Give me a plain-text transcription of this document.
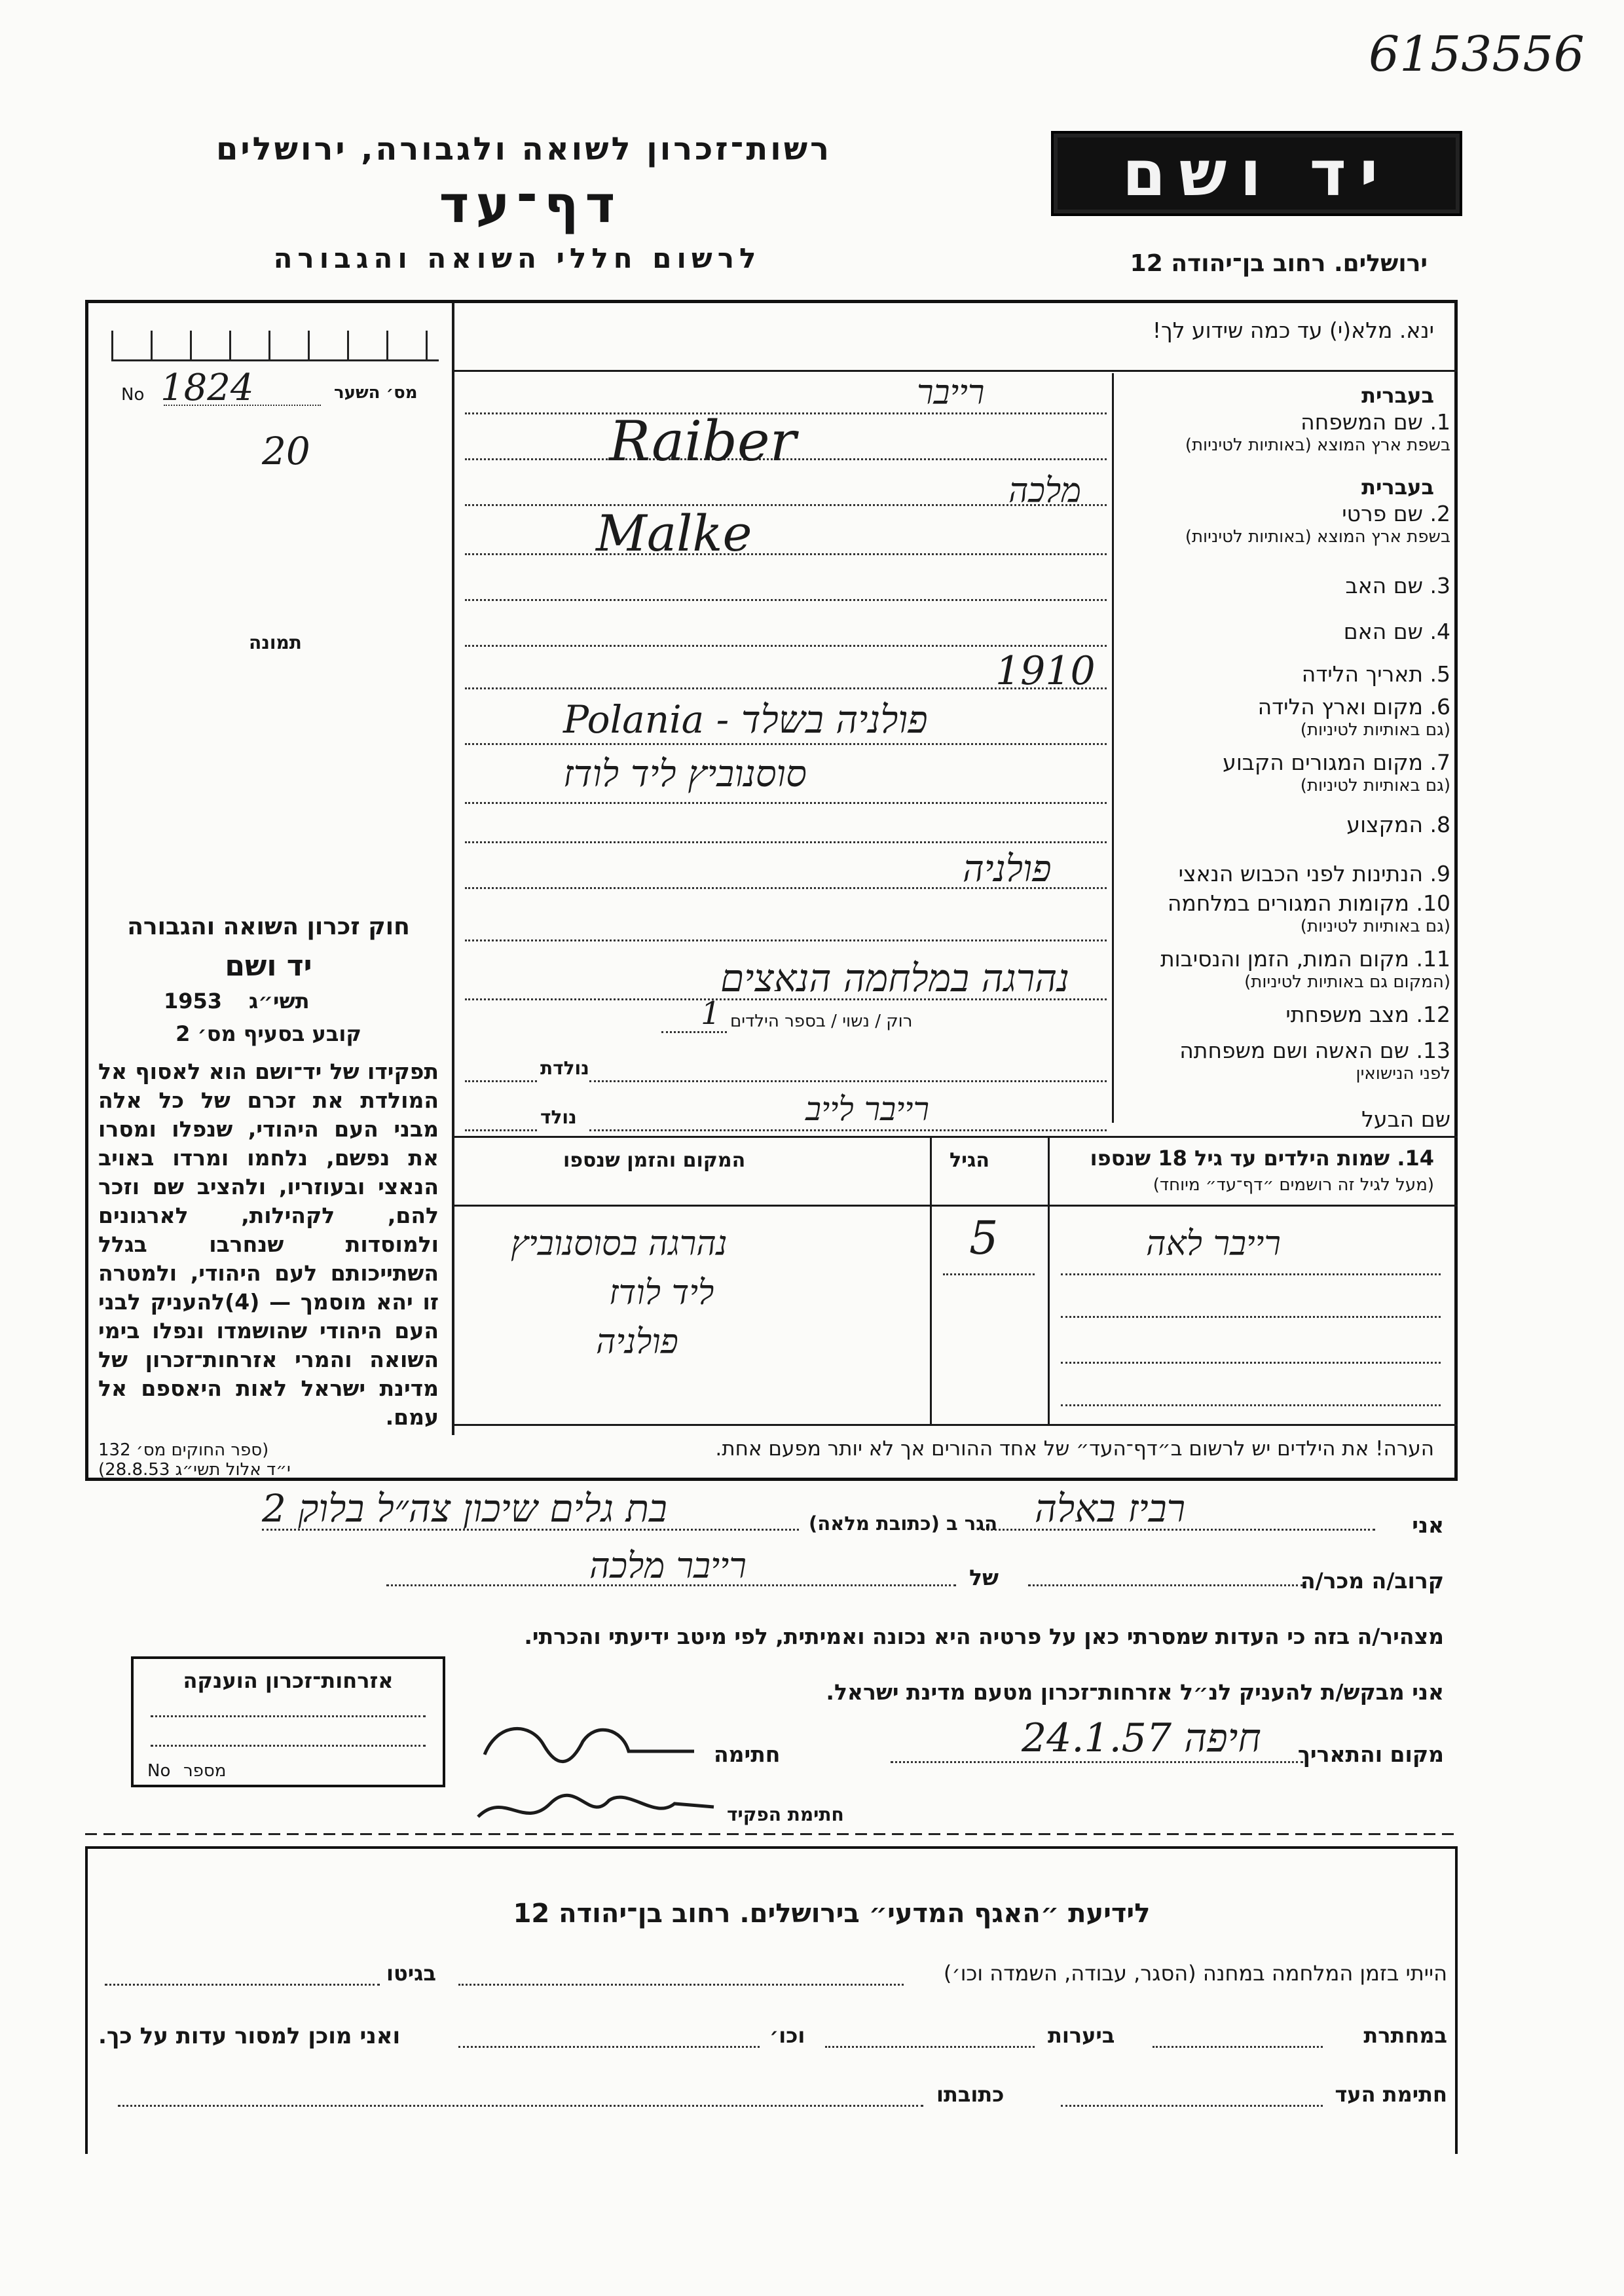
6153556
יד ושם
רשות־זכרון לשואה ולגבורה, ירושלים
דף־עד
לרשום חללי השואה והגבורה	ירושלים. רחוב בן־יהודה 12
ינא. מלא(י) עד כמה שידוע לך!
מס׳ השער
No 1824
20
תמונה
בעברית
1. שם המשפחה
בשפת ארץ המוצא (באותיות לטיניות)
רייבר
Raiber
בעברית
2. שם פרטי
בשפת ארץ המוצא (באותיות לטיניות)
מלכה
Malke
3. שם האב
4. שם האם
5. תאריך הלידה
1910
6. מקום וארץ הלידה
(גם באותיות לטיניות)
פולניה בשלד - Polania
7. מקום המגורים הקבוע
(גם באותיות לטיניות)
סוסנוביץ ליד לודז
8. המקצוע
9. הנתינות לפני הכבוש הנאצי
פולניה
10. מקומות המגורים במלחמה
(גם באותיות לטיניות)
11. מקום המות, הזמן והנסיבות
(המקום גם באותיות לטיניות)
נהרגה במלחמה הנאצים
12. מצב משפחתי
רוק / נשוי / בספר הילדים
1
13. שם האשה ושם משפחתה
לפני הנישואין
נולדת
שם הבעל
נולד	רייבר לייב
14. שמות הילדים עד גיל 18 שנספו
(מעל לגיל זה רושמים ״דף־עד״ מיוחד)
הגיל
המקום והזמן שנספו
רייבר לאה
5
נהרגה בסוסנוביץ
ליד לודז
פולניה
הערה! את הילדים יש לרשום ב״דף־העד״ של אחד ההורים אך לא יותר מפעם אחת.
חוק זכרון השואה והגבורה
יד ושם
תשי״ג
1953
קובע בסעיף מס׳ 2
תפקידו של יד־ושם הוא לאסוף אל המולדת את זכרם של כל אלה מבני העם היהודי, שנפלו ומסרו את נפשם, נלחמו ומרדו באויב הנאצי ובעוזריו, ולהציב שם וזכר להם, לקהילות, לארגונים ולמוסדות שנחרבו בגלל השתייכותם לעם היהודי, ולמטרה זו יהא מוסמך — (4)להעניק לבני העם היהודי שהושמדו ונפלו בימי השואה והמרי אזרחות־זכרון של מדינת ישראל לאות היאספם אל עמם.
(ספר החוקים מס׳ 132
י״ד אלול תשי״ג 28.8.53)
אני
רביז באלה
הגר ב (כתובת מלאה)
בת גלים שיכון צה״ל בלוק 2
קרוב/ה מכר/ה
של
רייבר מלכה
מצהיר/ה בזה כי העדות שמסרתי כאן על פרטיה היא נכונה ואמיתית, לפי מיטב ידיעתי והכרתי.
אני מבקש/ת להעניק לנ״ל אזרחות־זכרון מטעם מדינת ישראל.
מקום והתאריך
חיפה 24.1.57
חתימה
חתימת הפקיד
אזרחות־זכרון הוענקה
מספר
No
לידיעת ״האגף המדעי״ בירושלים. רחוב בן־יהודה 12
הייתי בזמן המלחמה במחנה (הסגר, עבודה, השמדה וכו׳)
בגיטו
במחתרת
ביערות
וכו׳
ואני מוכן למסור עדות על כך.
חתימת העד
כתובתו
